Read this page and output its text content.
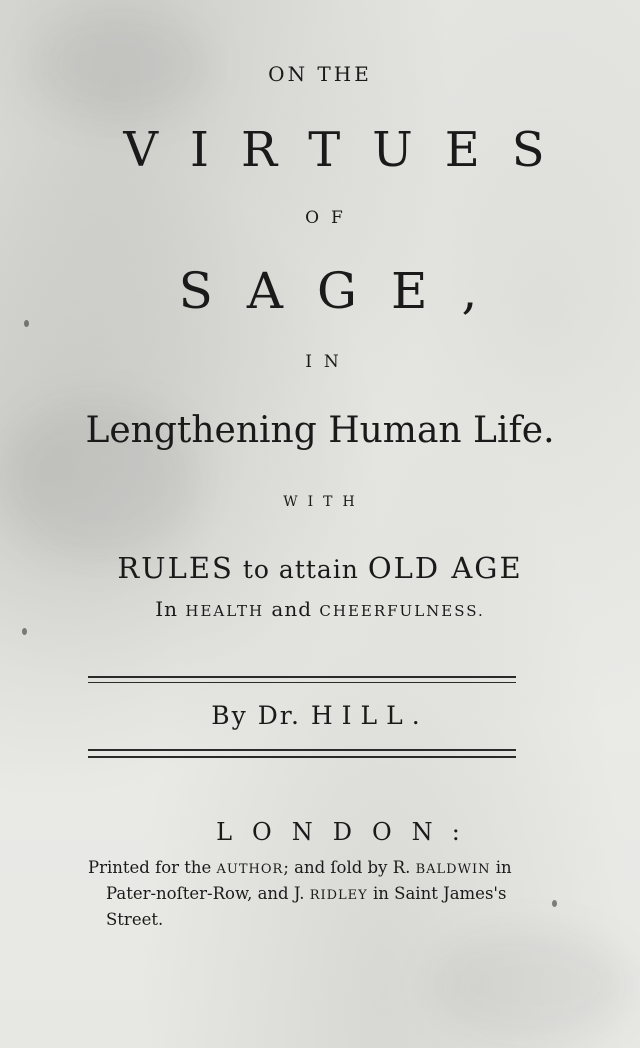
ON THE
VIRTUES
OF
SAGE,
IN
Lengthening Human Life.
WITH
RULES to attain OLD AGE
In HEALTH and CHEERFULNESS.
By Dr. HILL.
LONDON:
Printed for the AUTHOR; and ſold by R. BALDWIN in
Pater-noſter-Row, and J. RIDLEY in Saint James's
Street.
